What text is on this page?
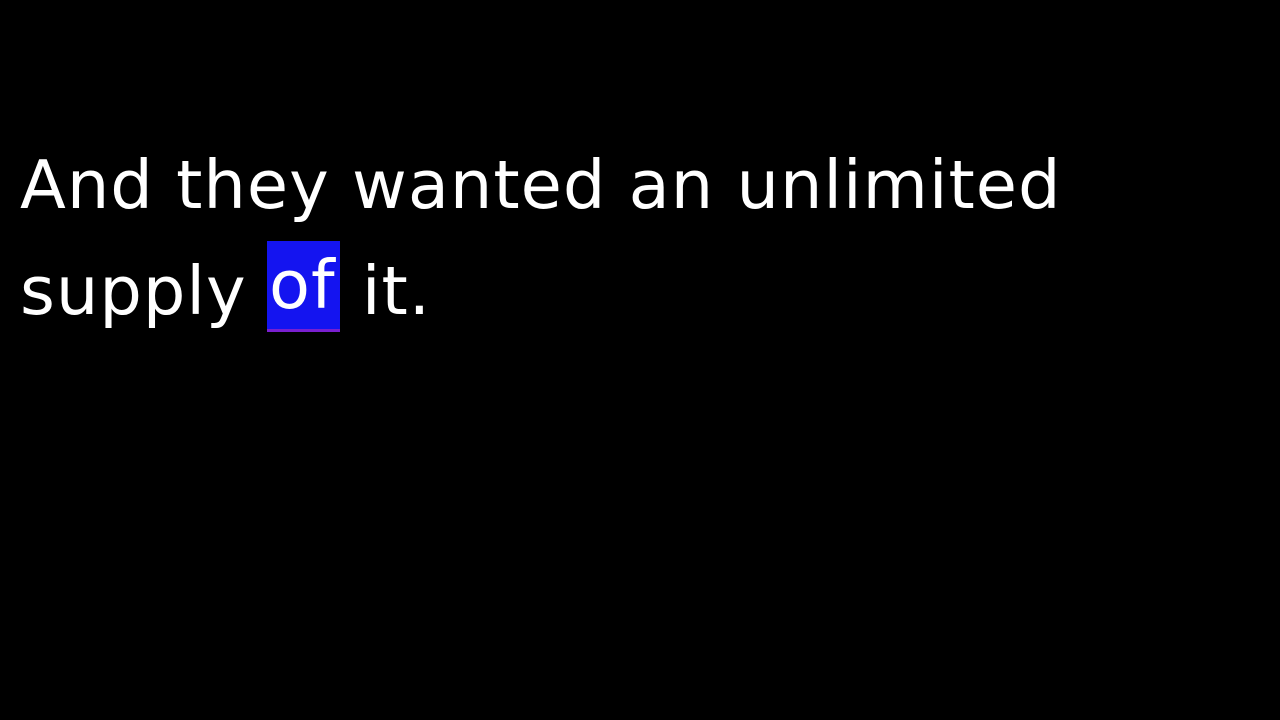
And they wanted an unlimited
supply of it.
